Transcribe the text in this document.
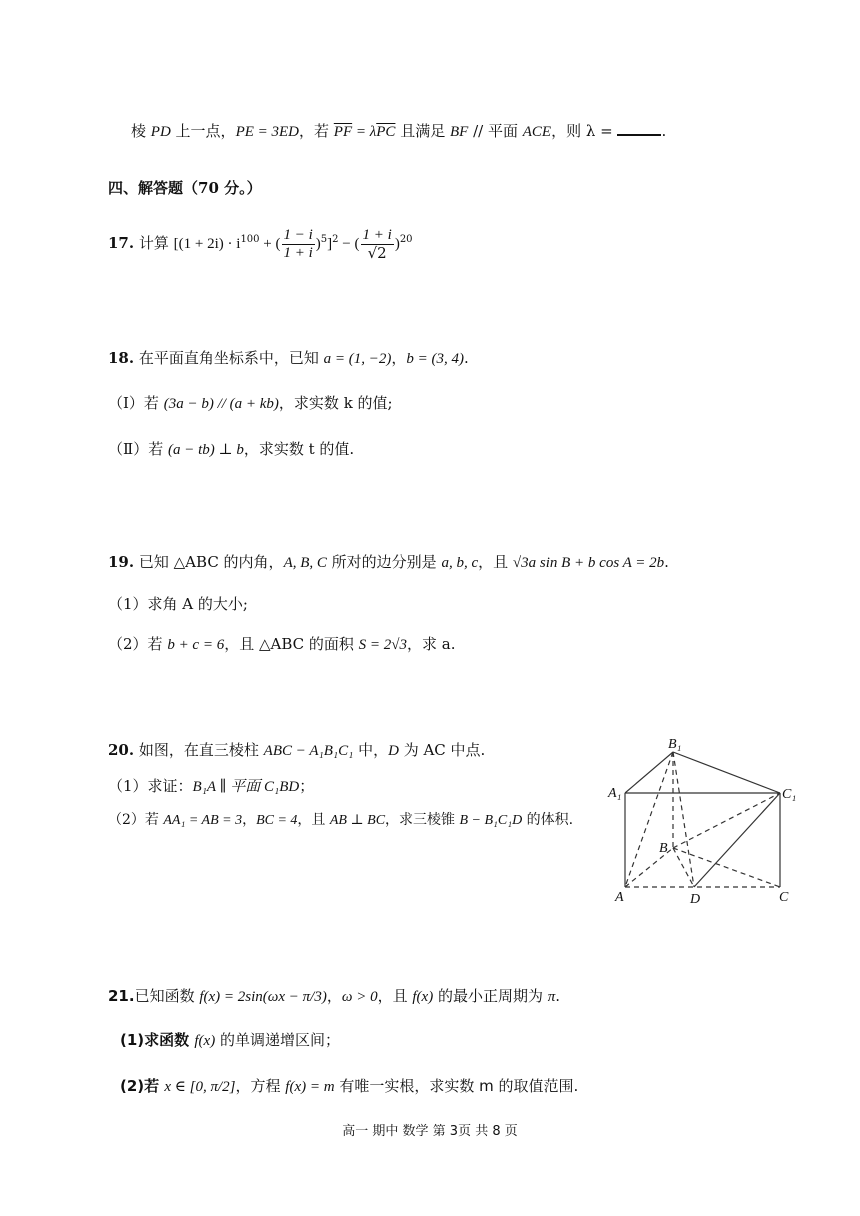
棱 PD 上一点，PE = 3ED，若 $\overline{PF} = \lambda\overline{PC}$ 且满足 BF // 平面 ACE，则 λ =	.
四、解答题（70 分。）
17. 计算 [$(1 + 2i) \cdot i^{100}$ + ( $\frac{1 - i}{1 + i} )^5]^2$ − ( $\frac{1 + i}{√2} )^{20}$
18. 在平面直角坐标系中，已知 a = (1, −2)，b = (3, 4).
（Ⅰ）若 (3a − b) // (a + kb)，求实数 k 的值;
（Ⅱ）若 (a − tb) ⊥ b，求实数 t 的值.
19. 已知 △ABC 的内角，A, B, C 所对的边分别是 a, b, c，且 √3a sin B + b cos A = 2b.
（1）求角 A 的大小;
（2）若 b + c = 6，且 △ABC 的面积 S = 2√3，求 a.
20. 如图，在直三棱柱 ABC − A₁B₁C₁ 中，D 为 AC 中点.
（1）求证：B₁A ∥ 平面 C₁BD；
（2）若 AA₁ = AB = 3，BC = 4，且 AB ⊥ BC，求三棱锥 B − B₁C₁D 的体积.
B₁
A₁	C₁
B
A	D	C
21.已知函数 f(x) = 2sin(ωx − π/3)，ω > 0，且 f(x) 的最小正周期为 π.
(1)求函数 f(x) 的单调递增区间；
(2)若 x ∈ [0, π/2]，方程 f(x) = m 有唯一实根，求实数 m 的取值范围.
高一 期中 数学 第 3页 共 8 页
